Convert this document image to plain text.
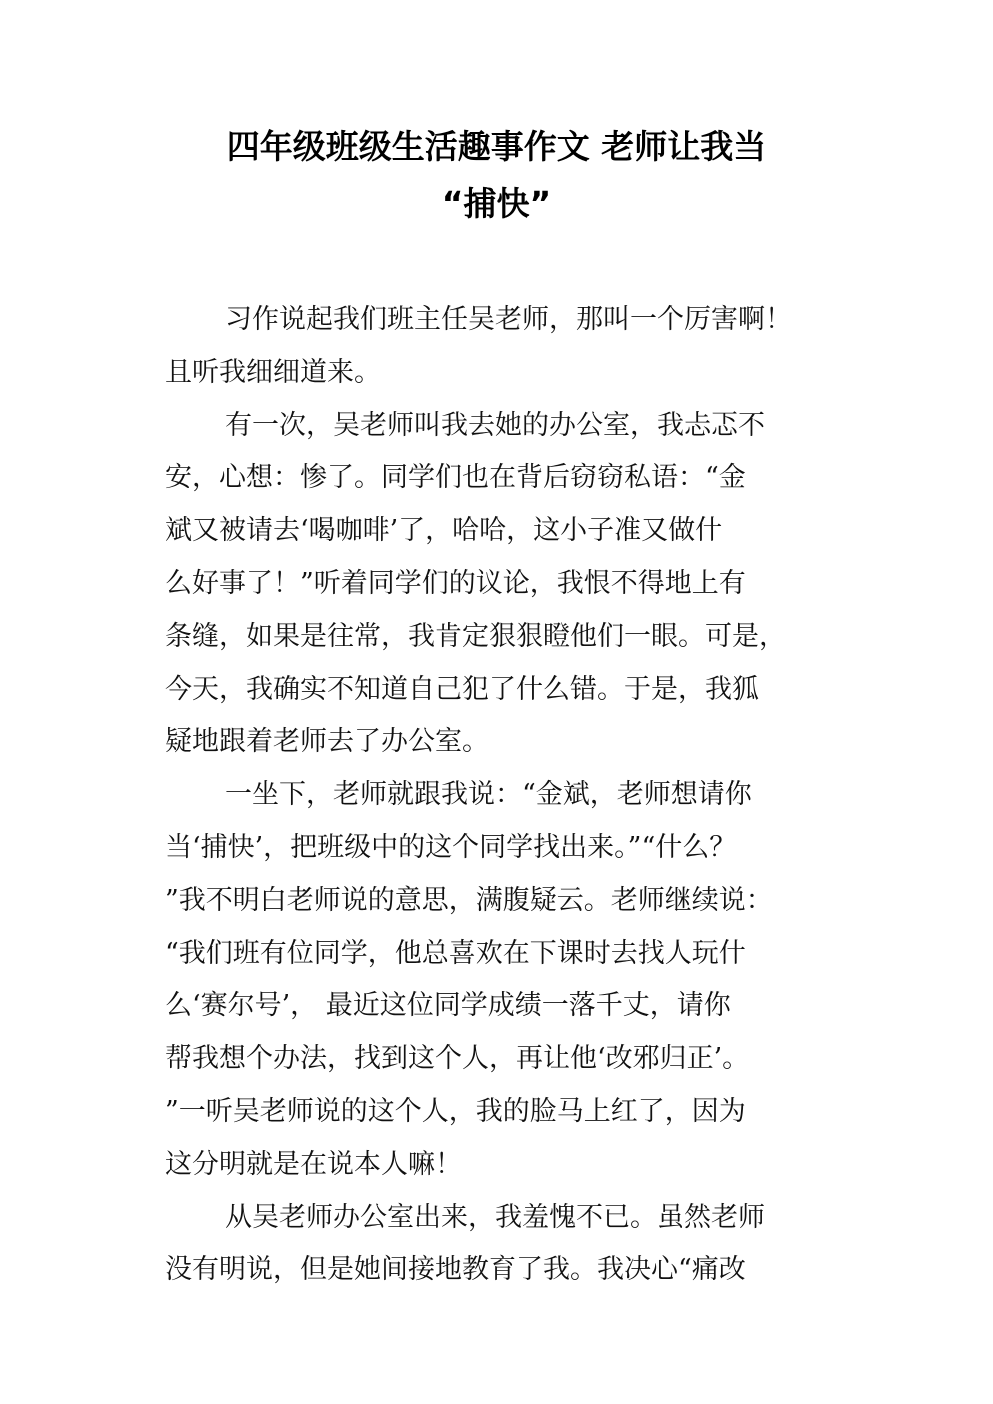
四年级班级生活趣事作文 老师让我当
“捕快”

习作说起我们班主任吴老师，那叫一个厉害啊！
且听我细细道来。

有一次，吴老师叫我去她的办公室，我忐忑不
安，心想：惨了。同学们也在背后窃窃私语：“金
斌又被请去‘喝咖啡’了，哈哈，这小子准又做什
么好事了！”听着同学们的议论，我恨不得地上有
条缝，如果是往常，我肯定狠狠瞪他们一眼。可是，
今天，我确实不知道自己犯了什么错。于是，我狐
疑地跟着老师去了办公室。

一坐下，老师就跟我说：“金斌，老师想请你
当‘捕快’，把班级中的这个同学找出来。”“什么？
”我不明白老师说的意思，满腹疑云。老师继续说：
“我们班有位同学，他总喜欢在下课时去找人玩什
么‘赛尔号’， 最近这位同学成绩一落千丈，请你
帮我想个办法，找到这个人，再让他‘改邪归正’。
”一听吴老师说的这个人，我的脸马上红了，因为
这分明就是在说本人嘛！

从吴老师办公室出来，我羞愧不已。虽然老师
没有明说，但是她间接地教育了我。我决心“痛改
